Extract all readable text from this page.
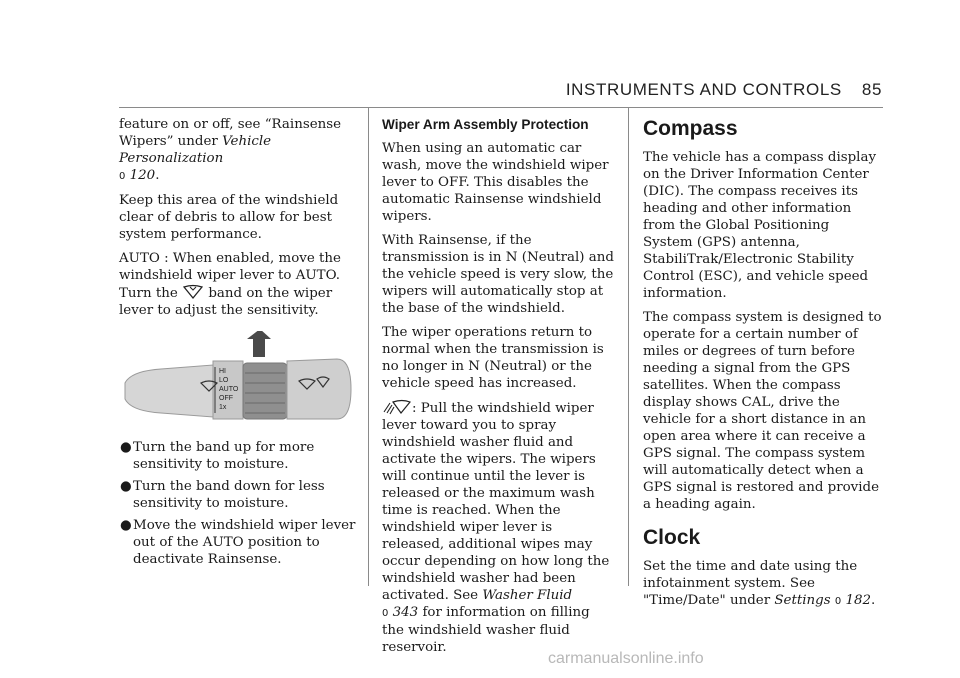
INSTRUMENTS AND CONTROLS 85

feature on or off, see “Rainsense Wipers” under Vehicle Personalization
0 120.

Keep this area of the windshield clear of debris to allow for best system performance.

AUTO : When enabled, move the windshield wiper lever to AUTO. Turn the band on the wiper lever to adjust the sensitivity.

HI
LO
AUTO
OFF
1x
● Turn the band up for more sensitivity to moisture.
● Turn the band down for less sensitivity to moisture.
● Move the windshield wiper lever out of the AUTO position to deactivate Rainsense.

Wiper Arm Assembly Protection

When using an automatic car wash, move the windshield wiper lever to OFF. This disables the automatic Rainsense windshield wipers.

With Rainsense, if the transmission is in N (Neutral) and the vehicle speed is very slow, the wipers will automatically stop at the base of the windshield.

The wiper operations return to normal when the transmission is no longer in N (Neutral) or the vehicle speed has increased.

: Pull the windshield wiper lever toward you to spray windshield washer fluid and activate the wipers. The wipers will continue until the lever is released or the maximum wash time is reached. When the windshield wiper lever is released, additional wipes may occur depending on how long the windshield washer had been activated. See Washer Fluid
0 343 for information on filling the windshield washer fluid reservoir.

Compass

The vehicle has a compass display on the Driver Information Center (DIC). The compass receives its heading and other information from the Global Positioning System (GPS) antenna, StabiliTrak/Electronic Stability Control (ESC), and vehicle speed information.

The compass system is designed to operate for a certain number of miles or degrees of turn before needing a signal from the GPS satellites. When the compass display shows CAL, drive the vehicle for a short distance in an open area where it can receive a GPS signal. The compass system will automatically detect when a GPS signal is restored and provide a heading again.

Clock

Set the time and date using the infotainment system. See "Time/Date" under Settings 0 182.

carmanualsonline.info
